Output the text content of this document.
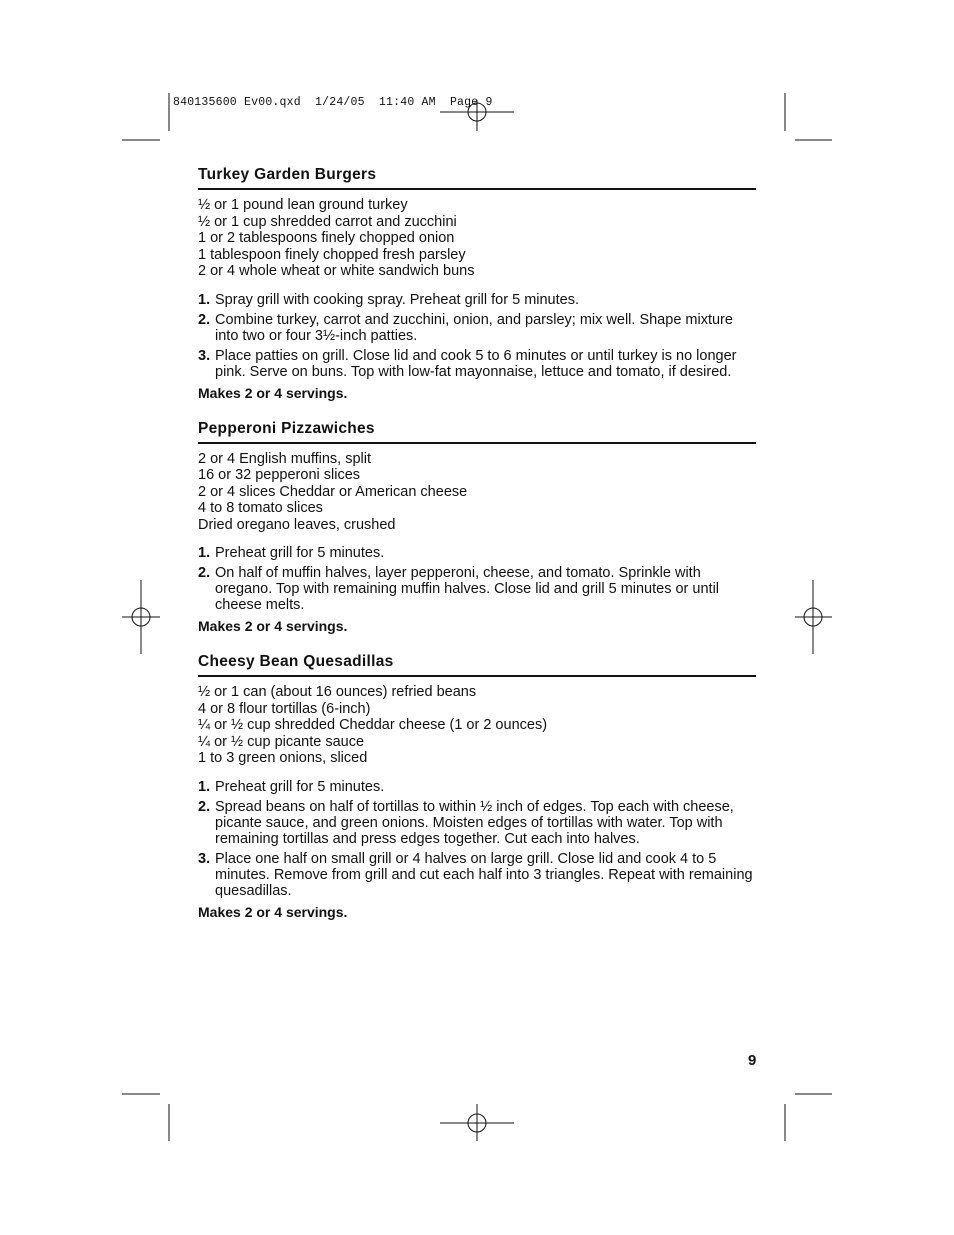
840135600 Ev00.qxd  1/24/05  11:40 AM  Page 9
Turkey Garden Burgers
½ or 1 pound lean ground turkey
½ or 1 cup shredded carrot and zucchini
1 or 2 tablespoons finely chopped onion
1 tablespoon finely chopped fresh parsley
2 or 4 whole wheat or white sandwich buns
1. Spray grill with cooking spray. Preheat grill for 5 minutes.
2. Combine turkey, carrot and zucchini, onion, and parsley; mix well. Shape mixture into two or four 3½-inch patties.
3. Place patties on grill. Close lid and cook 5 to 6 minutes or until turkey is no longer pink. Serve on buns. Top with low-fat mayonnaise, lettuce and tomato, if desired.
Makes 2 or 4 servings.
Pepperoni Pizzawiches
2 or 4 English muffins, split
16 or 32 pepperoni slices
2 or 4 slices Cheddar or American cheese
4 to 8 tomato slices
Dried oregano leaves, crushed
1. Preheat grill for 5 minutes.
2. On half of muffin halves, layer pepperoni, cheese, and tomato. Sprinkle with oregano. Top with remaining muffin halves. Close lid and grill 5 minutes or until cheese melts.
Makes 2 or 4 servings.
Cheesy Bean Quesadillas
½ or 1 can (about 16 ounces) refried beans
4 or 8 flour tortillas (6-inch)
¼ or ½ cup shredded Cheddar cheese (1 or 2 ounces)
¼ or ½ cup picante sauce
1 to 3 green onions, sliced
1. Preheat grill for 5 minutes.
2. Spread beans on half of tortillas to within ½ inch of edges. Top each with cheese, picante sauce, and green onions. Moisten edges of tortillas with water. Top with remaining tortillas and press edges together. Cut each into halves.
3. Place one half on small grill or 4 halves on large grill. Close lid and cook 4 to 5 minutes. Remove from grill and cut each half into 3 triangles. Repeat with remaining quesadillas.
Makes 2 or 4 servings.
9
